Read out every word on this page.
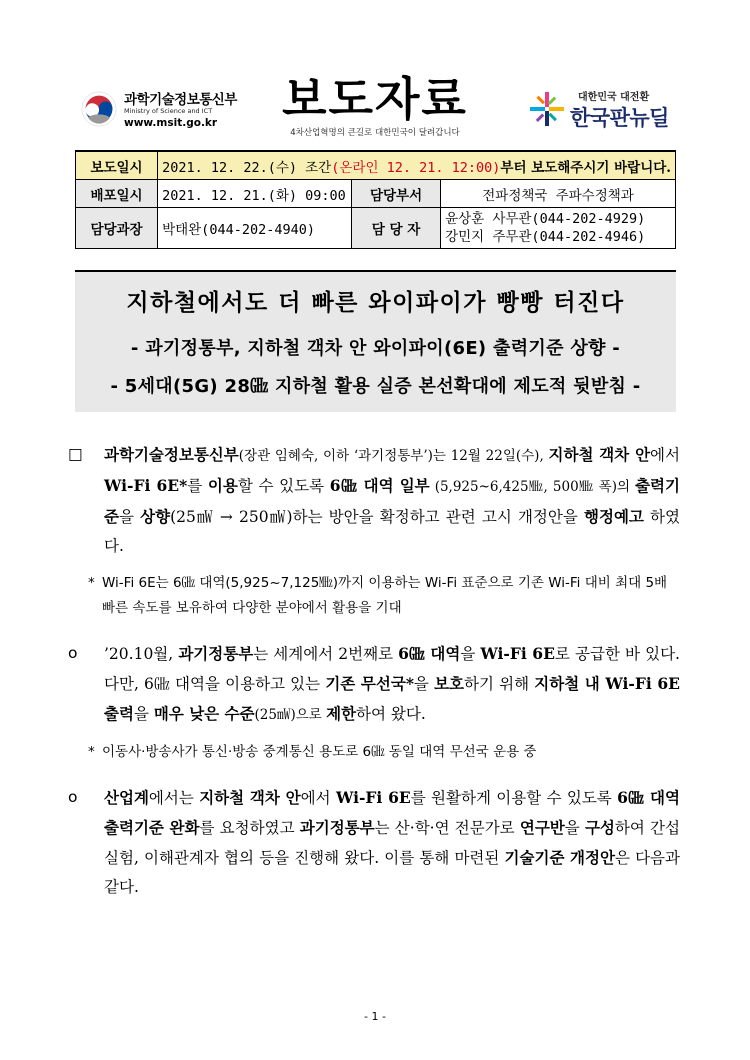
과학기술정보통신부
Ministry of Science and ICT
www.msit.go.kr	보도자료
4차산업혁명의 큰길로 대한민국이 달려갑니다
대한민국 대전환
한국판뉴딜
보도일시	2021. 12. 22.(수) 조간(온라인 12. 21. 12:00)부터 보도해주시기 바랍니다.		
배포일시	2021. 12. 21.(화) 09:00	담당부서	전파정책국 주파수정책과
담당과장	박태완(044-202-4940)	담 당 자	윤상훈 사무관(044-202-4929)
강민지 주무관(044-202-4946)
지하철에서도 더 빠른 와이파이가 빵빵 터진다
- 과기정통부, 지하철 객차 안 와이파이(6E) 출력기준 상향 -
- 5세대(5G) 28㎓ 지하철 활용 실증 본선확대에 제도적 뒷받침 -

□	과학기술정보통신부(장관 임혜숙, 이하 ‘과기정통부’)는 12월 22일(수), 지하철 객차 안에서 Wi-Fi 6E*를 이용할 수 있도록 6㎓ 대역 일부 (5,925~6,425㎒, 500㎒ 폭)의 출력기준을 상향(25㎽ → 250㎽)하는 방안을 확정하고 관련 고시 개정안을 행정예고 하였다.

* Wi-Fi 6E는 6㎓ 대역(5,925~7,125㎒)까지 이용하는 Wi-Fi 표준으로 기존 Wi-Fi 대비 최대 5배 빠른 속도를 보유하여 다양한 분야에서 활용을 기대

o	’20.10월, 과기정통부는 세계에서 2번째로 6㎓ 대역을 Wi-Fi 6E로 공급한 바 있다. 다만, 6㎓ 대역을 이용하고 있는 기존 무선국*을 보호하기 위해 지하철 내 Wi-Fi 6E 출력을 매우 낮은 수준(25㎽)으로 제한하여 왔다.

* 이동사·방송사가 통신·방송 중계통신 용도로 6㎓ 동일 대역 무선국 운용 중

o	산업계에서는 지하철 객차 안에서 Wi-Fi 6E를 원활하게 이용할 수 있도록 6㎓ 대역 출력기준 완화를 요청하였고 과기정통부는 산·학·연 전문가로 연구반을 구성하여 간섭실험, 이해관계자 협의 등을 진행해 왔다. 이를 통해 마련된 기술기준 개정안은 다음과 같다.

- 1 -
